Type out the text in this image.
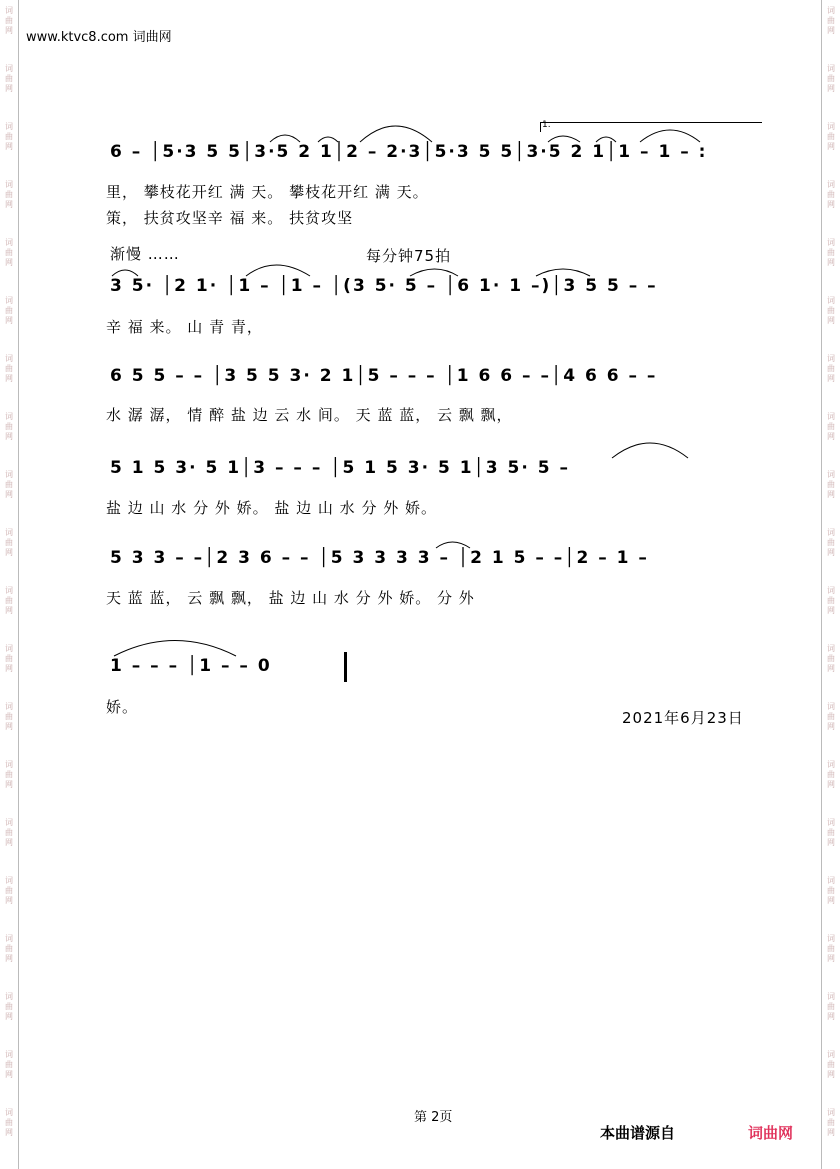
词
曲
网
词
曲
网
词
曲
网
词
曲
网
词
曲
网
词
曲
网
词
曲
网
词
曲
网
词
曲
网
词
曲
网
词
曲
网
词
曲
网
词
曲
网
词
曲
网
词
曲
网
词
曲
网
词
曲
网
词
曲
网
词
曲
网
词
曲
网
词
曲
网
词
曲
网
词
曲
网
词
曲
网
词
曲
网
词
曲
网
词
曲
网
词
曲
网
词
曲
网
词
曲
网
词
曲
网
词
曲
网
词
曲
网
词
曲
网
词
曲
网
词
曲
网
词
曲
网
词
曲
网
词
曲
网
词
曲
网
www.ktvc8.com 词曲网
1.
6 – │5·3 5 5│3·5 2 1│2 – 2·3│5·3 5 5│3·5 2 1│1 – 1 – :
里， 攀枝花开红 满 天。 攀枝花开红 满 天。
策， 扶贫攻坚辛 福 来。 扶贫攻坚
渐慢 ……	每分钟75拍
3 5· │2 1· │1 – │1 – │(3 5· 5 – │6 1· 1 –)│3 5 5 – –
辛 福 来。 山 青 青，
6 5 5 – – │3 5 5 3· 2 1│5 – – – │1 6 6 – –│4 6 6 – –
水 潺 潺， 情 醉 盐 边 云 水 间。 天 蓝 蓝， 云 飘 飘，
5 1 5 3· 5 1│3 – – – │5 1 5 3· 5 1│3 5· 5 –
盐 边 山 水 分 外 娇。 盐 边 山 水 分 外 娇。
5 3 3 – –│2 3 6 – – │5 3 3 3 3 – │2 1 5 – –│2 – 1 –
天 蓝 蓝， 云 飘 飘， 盐 边 山 水 分 外 娇。 分 外
1 – – – │1 – – 0
娇。
2021年6月23日
第 2页
本曲谱源自	词曲网
